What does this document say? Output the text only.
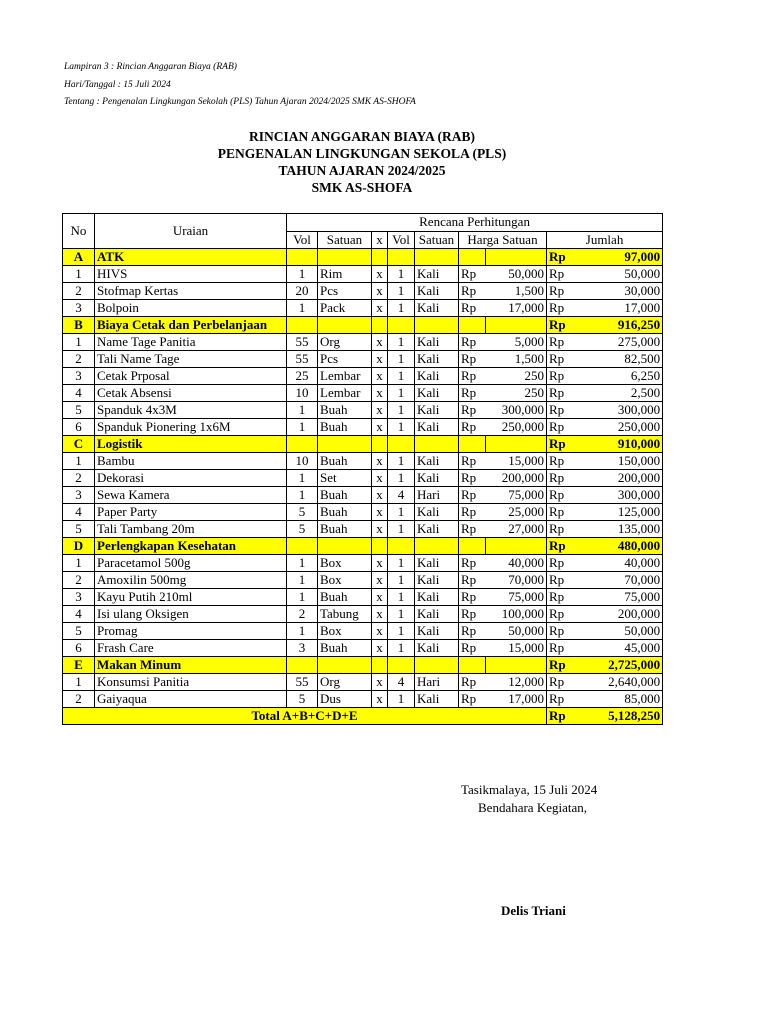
Lampiran 3 : Rincian Anggaran Biaya (RAB)
Hari/Tanggal : 15 Juli 2024
Tentang : Pengenalan Lingkungan Sekolah (PLS) Tahun Ajaran 2024/2025 SMK AS-SHOFA
RINCIAN ANGGARAN BIAYA (RAB)
PENGENALAN LINGKUNGAN SEKOLA (PLS)
TAHUN AJARAN 2024/2025
SMK AS-SHOFA
No	Uraian	Rencana Perhitungan								
		Vol	Satuan	x	Vol	Satuan	Harga Satuan		Jumlah	
A	ATK								Rp	97,000
1	HIVS	1	Rim	x	1	Kali	Rp	50,000	Rp	50,000
2	Stofmap Kertas	20	Pcs	x	1	Kali	Rp	1,500	Rp	30,000
3	Bolpoin	1	Pack	x	1	Kali	Rp	17,000	Rp	17,000
B	Biaya Cetak dan Perbelanjaan								Rp	916,250
1	Name Tage Panitia	55	Org	x	1	Kali	Rp	5,000	Rp	275,000
2	Tali Name Tage	55	Pcs	x	1	Kali	Rp	1,500	Rp	82,500
3	Cetak Prposal	25	Lembar	x	1	Kali	Rp	250	Rp	6,250
4	Cetak Absensi	10	Lembar	x	1	Kali	Rp	250	Rp	2,500
5	Spanduk 4x3M	1	Buah	x	1	Kali	Rp	300,000	Rp	300,000
6	Spanduk Pionering 1x6M	1	Buah	x	1	Kali	Rp	250,000	Rp	250,000
C	Logistik								Rp	910,000
1	Bambu	10	Buah	x	1	Kali	Rp	15,000	Rp	150,000
2	Dekorasi	1	Set	x	1	Kali	Rp	200,000	Rp	200,000
3	Sewa Kamera	1	Buah	x	4	Hari	Rp	75,000	Rp	300,000
4	Paper Party	5	Buah	x	1	Kali	Rp	25,000	Rp	125,000
5	Tali Tambang 20m	5	Buah	x	1	Kali	Rp	27,000	Rp	135,000
D	Perlengkapan Kesehatan								Rp	480,000
1	Paracetamol 500g	1	Box	x	1	Kali	Rp	40,000	Rp	40,000
2	Amoxilin 500mg	1	Box	x	1	Kali	Rp	70,000	Rp	70,000
3	Kayu Putih 210ml	1	Buah	x	1	Kali	Rp	75,000	Rp	75,000
4	Isi ulang Oksigen	2	Tabung	x	1	Kali	Rp	100,000	Rp	200,000
5	Promag	1	Box	x	1	Kali	Rp	50,000	Rp	50,000
6	Frash Care	3	Buah	x	1	Kali	Rp	15,000	Rp	45,000
E	Makan Minum								Rp	2,725,000
1	Konsumsi Panitia	55	Org	x	4	Hari	Rp	12,000	Rp	2,640,000
2	Gaiyaqua	5	Dus	x	1	Kali	Rp	17,000	Rp	85,000
Total A+B+C+D+E									Rp	5,128,250
Tasikmalaya, 15 Juli 2024
Bendahara Kegiatan,
Delis Triani
